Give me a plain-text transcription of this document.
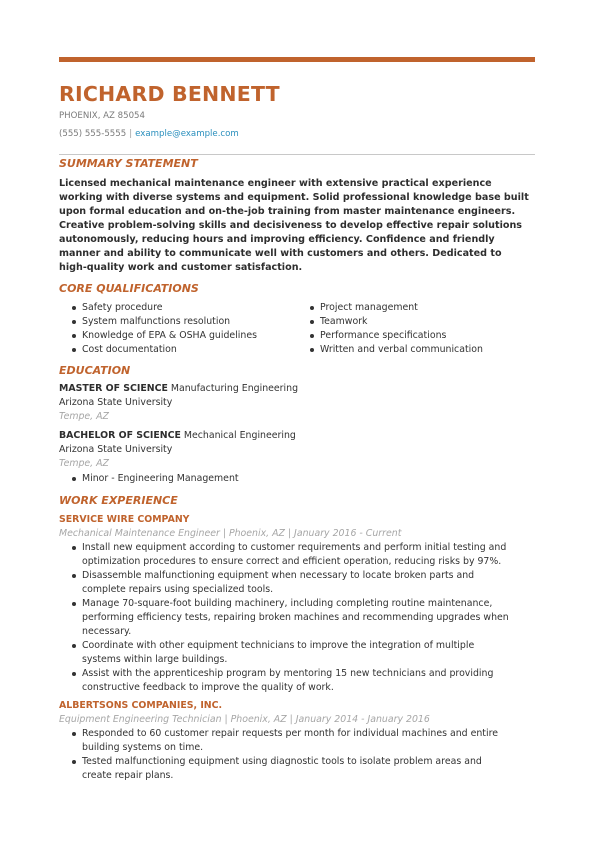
RICHARD BENNETT
PHOENIX, AZ 85054
(555) 555-5555 | example@example.com
SUMMARY STATEMENT
Licensed mechanical maintenance engineer with extensive practical experience
working with diverse systems and equipment. Solid professional knowledge base built
upon formal education and on-the-job training from master maintenance engineers.
Creative problem-solving skills and decisiveness to develop effective repair solutions
autonomously, reducing hours and improving efficiency. Confidence and friendly
manner and ability to communicate well with customers and others. Dedicated to
high-quality work and customer satisfaction.
CORE QUALIFICATIONS
Safety procedure
System malfunctions resolution
Knowledge of EPA & OSHA guidelines
Cost documentation
Project management
Teamwork
Performance specifications
Written and verbal communication
EDUCATION
MASTER OF SCIENCE Manufacturing Engineering
Arizona State University
Tempe, AZ
BACHELOR OF SCIENCE Mechanical Engineering
Arizona State University
Tempe, AZ
Minor - Engineering Management
WORK EXPERIENCE
SERVICE WIRE COMPANY
Mechanical Maintenance Engineer | Phoenix, AZ | January 2016 - Current
Install new equipment according to customer requirements and perform initial testing and
optimization procedures to ensure correct and efficient operation, reducing risks by 97%.
Disassemble malfunctioning equipment when necessary to locate broken parts and
complete repairs using specialized tools.
Manage 70-square-foot building machinery, including completing routine maintenance,
performing efficiency tests, repairing broken machines and recommending upgrades when
necessary.
Coordinate with other equipment technicians to improve the integration of multiple
systems within large buildings.
Assist with the apprenticeship program by mentoring 15 new technicians and providing
constructive feedback to improve the quality of work.
ALBERTSONS COMPANIES, INC.
Equipment Engineering Technician | Phoenix, AZ | January 2014 - January 2016
Responded to 60 customer repair requests per month for individual machines and entire
building systems on time.
Tested malfunctioning equipment using diagnostic tools to isolate problem areas and
create repair plans.
